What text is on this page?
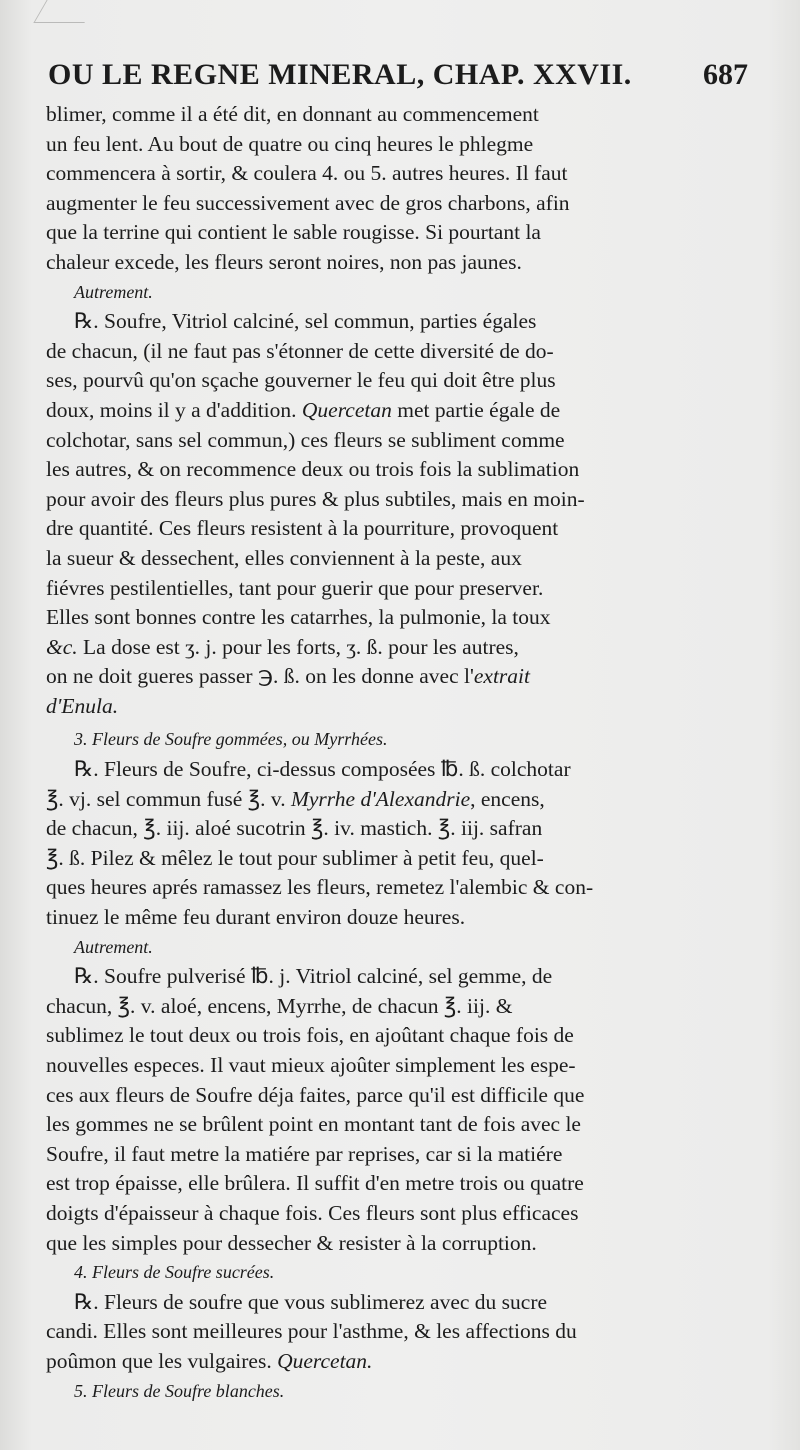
OU LE REGNE MINERAL, CHAP. XXVII. 687

blimer, comme il a été dit, en donnant au commencement

un feu lent. Au bout de quatre ou cinq heures le phlegme

commencera à sortir, & coulera 4. ou 5. autres heures. Il faut

augmenter le feu successivement avec de gros charbons, afin

que la terrine qui contient le sable rougisse. Si pourtant la

chaleur excede, les fleurs seront noires, non pas jaunes.

Autrement.

℞. Soufre, Vitriol calciné, sel commun, parties égales

de chacun, (il ne faut pas s'étonner de cette diversité de do-

ses, pourvû qu'on sçache gouverner le feu qui doit être plus

doux, moins il y a d'addition. Quercetan met partie égale de

colchotar, sans sel commun,) ces fleurs se subliment comme

les autres, & on recommence deux ou trois fois la sublimation

pour avoir des fleurs plus pures & plus subtiles, mais en moin-

dre quantité. Ces fleurs resistent à la pourriture, provoquent

la sueur & dessechent, elles conviennent à la peste, aux

fiévres pestilentielles, tant pour guerir que pour preserver.

Elles sont bonnes contre les catarrhes, la pulmonie, la toux

&c. La dose est ʒ. j. pour les forts, ʒ. ß. pour les autres,

on ne doit gueres passer ℈. ß. on les donne avec l'extrait

d'Enula.

3. Fleurs de Soufre gommées, ou Myrrhées.

℞. Fleurs de Soufre, ci-dessus composées ℔. ß. colchotar

℥. vj. sel commun fusé ℥. v. Myrrhe d'Alexandrie, encens,

de chacun, ℥. iij. aloé sucotrin ℥. iv. mastich. ℥. iij. safran

℥. ß. Pilez & mêlez le tout pour sublimer à petit feu, quel-

ques heures aprés ramassez les fleurs, remetez l'alembic & con-

tinuez le même feu durant environ douze heures.

Autrement.

℞. Soufre pulverisé ℔. j. Vitriol calciné, sel gemme, de

chacun, ℥. v. aloé, encens, Myrrhe, de chacun ℥. iij. &

sublimez le tout deux ou trois fois, en ajoûtant chaque fois de

nouvelles especes. Il vaut mieux ajoûter simplement les espe-

ces aux fleurs de Soufre déja faites, parce qu'il est difficile que

les gommes ne se brûlent point en montant tant de fois avec le

Soufre, il faut metre la matiére par reprises, car si la matiére

est trop épaisse, elle brûlera. Il suffit d'en metre trois ou quatre

doigts d'épaisseur à chaque fois. Ces fleurs sont plus efficaces

que les simples pour dessecher & resister à la corruption.

4. Fleurs de Soufre sucrées.

℞. Fleurs de soufre que vous sublimerez avec du sucre

candi. Elles sont meilleures pour l'asthme, & les affections du

poûmon que les vulgaires. Quercetan.

5. Fleurs de Soufre blanches.
